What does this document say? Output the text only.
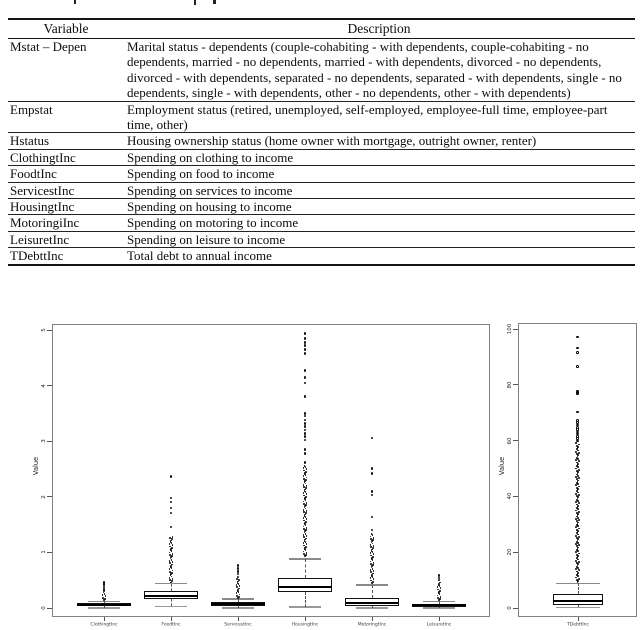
Variable	Description
Mstat – Depen	Marital status - dependents (couple-cohabiting - with dependents, couple-cohabiting - no dependents, married - no dependents, married - with dependents, divorced - no dependents, divorced - with dependents, separated - no dependents, separated - with dependents, single - no dependents, single - with dependents, other - no dependents, other - with dependents)
Empstat	Employment status (retired, unemployed, self-employed, employee-full time, employee-part time, other)
Hstatus	Housing ownership status (home owner with mortgage, outright owner, renter)
ClothingtInc	Spending on clothing to income
FoodtInc	Spending on food to income
ServicestInc	Spending on services to income
HousingtInc	Spending on housing to income
MotoringiInc	Spending on motoring to income
LeisuretInc	Spending on leisure to income
TDebttInc	Total debt to annual income
0
1
2
3
4
5
Value
ClothingtInc	FoodtInc	ServicestInc	HousingtInc	MotoringtInc	LeisuretInc
0
20
40
60
80
100
Value
TDebttInc
